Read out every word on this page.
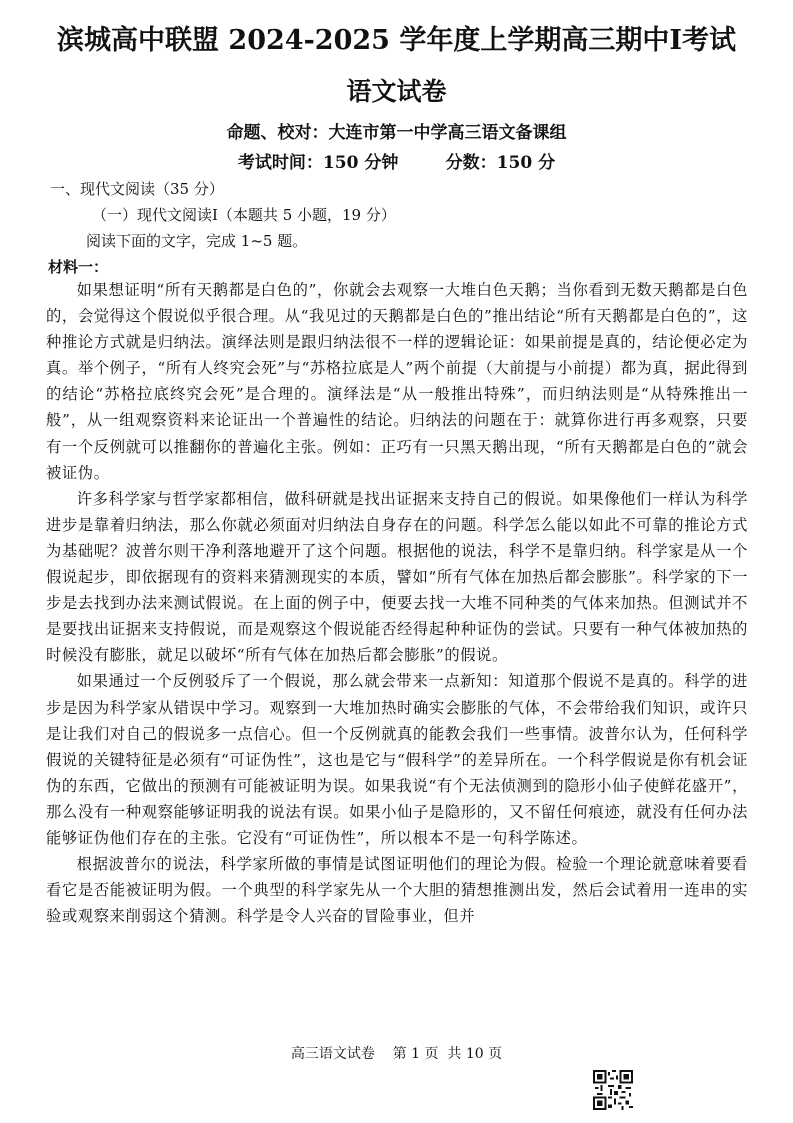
滨城高中联盟 2024-2025 学年度上学期高三期中Ⅰ考试
语文试卷
命题、校对：大连市第一中学高三语文备课组
考试时间：150 分钟        分数：150 分
一、现代文阅读（35 分）
（一）现代文阅读Ⅰ（本题共 5 小题，19 分）
阅读下面的文字，完成 1~5 题。
材料一：

如果想证明“所有天鹅都是白色的”，你就会去观察一大堆白色天鹅；当你看到无数天鹅都是白色的，会觉得这个假说似乎很合理。从“我见过的天鹅都是白色的”推出结论“所有天鹅都是白色的”，这种推论方式就是归纳法。演绎法则是跟归纳法很不一样的逻辑论证：如果前提是真的，结论便必定为真。举个例子，“所有人终究会死”与“苏格拉底是人”两个前提（大前提与小前提）都为真，据此得到的结论“苏格拉底终究会死”是合理的。演绎法是“从一般推出特殊”，而归纳法则是“从特殊推出一般”，从一组观察资料来论证出一个普遍性的结论。归纳法的问题在于：就算你进行再多观察，只要有一个反例就可以推翻你的普遍化主张。例如：正巧有一只黑天鹅出现，“所有天鹅都是白色的”就会被证伪。

许多科学家与哲学家都相信，做科研就是找出证据来支持自己的假说。如果像他们一样认为科学进步是靠着归纳法，那么你就必须面对归纳法自身存在的问题。科学怎么能以如此不可靠的推论方式为基础呢？波普尔则干净利落地避开了这个问题。根据他的说法，科学不是靠归纳。科学家是从一个假说起步，即依据现有的资料来猜测现实的本质，譬如“所有气体在加热后都会膨胀”。科学家的下一步是去找到办法来测试假说。在上面的例子中，便要去找一大堆不同种类的气体来加热。但测试并不是要找出证据来支持假说，而是观察这个假说能否经得起种种证伪的尝试。只要有一种气体被加热的时候没有膨胀，就足以破坏“所有气体在加热后都会膨胀”的假说。

如果通过一个反例驳斥了一个假说，那么就会带来一点新知：知道那个假说不是真的。科学的进步是因为科学家从错误中学习。观察到一大堆加热时确实会膨胀的气体，不会带给我们知识，或许只是让我们对自己的假说多一点信心。但一个反例就真的能教会我们一些事情。波普尔认为，任何科学假说的关键特征是必须有“可证伪性”，这也是它与“假科学”的差异所在。一个科学假说是你有机会证伪的东西，它做出的预测有可能被证明为误。如果我说“有个无法侦测到的隐形小仙子使鲜花盛开”，那么没有一种观察能够证明我的说法有误。如果小仙子是隐形的，又不留任何痕迹，就没有任何办法能够证伪他们存在的主张。它没有“可证伪性”，所以根本不是一句科学陈述。

根据波普尔的说法，科学家所做的事情是试图证明他们的理论为假。检验一个理论就意味着要看看它是否能被证明为假。一个典型的科学家先从一个大胆的猜想推测出发，然后会试着用一连串的实验或观察来削弱这个猜测。科学是令人兴奋的冒险事业，但并

高三语文试卷    第 1 页  共 10 页
